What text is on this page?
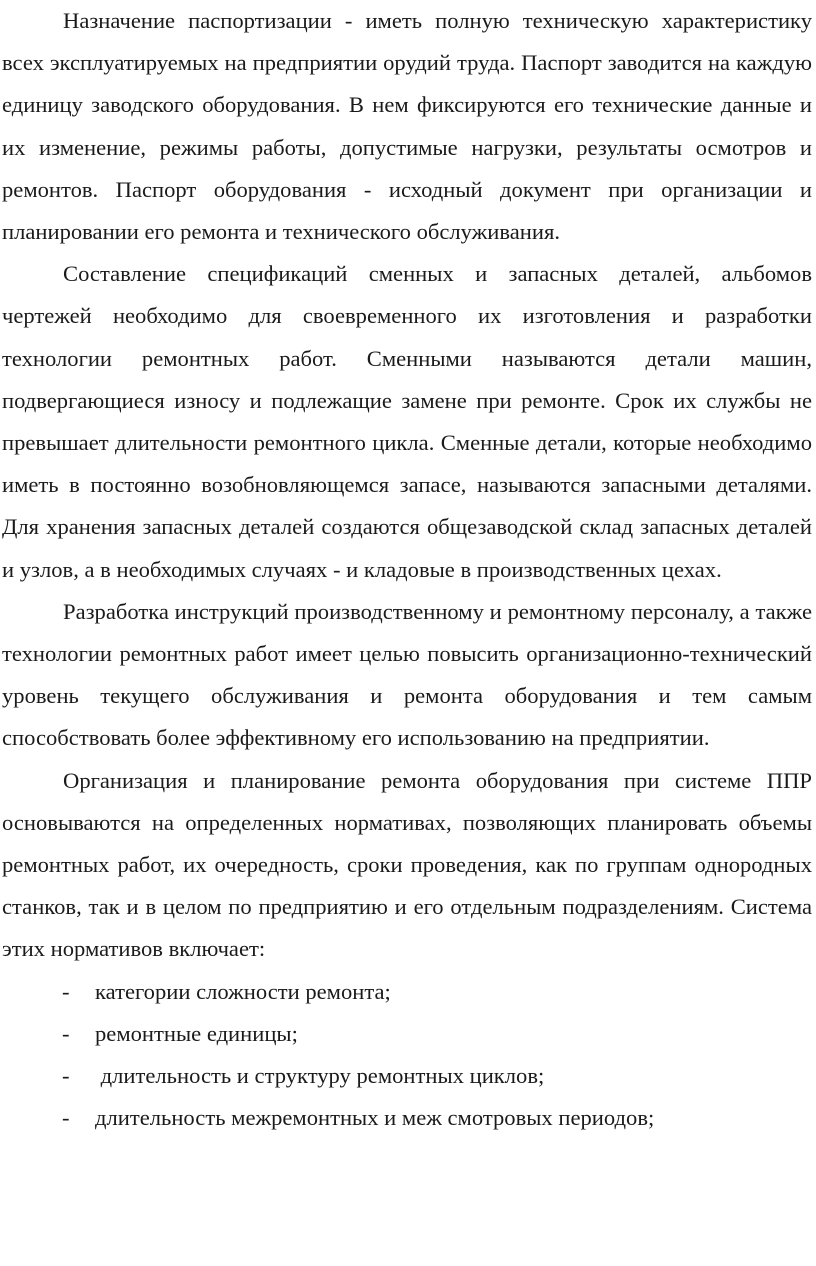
Назначение паспортизации - иметь полную техническую характеристику всех эксплуатируемых на предприятии орудий труда. Паспорт заводится на каждую единицу заводского оборудования. В нем фиксируются его технические данные и их изменение, режимы работы, допустимые нагрузки, результаты осмотров и ремонтов. Паспорт оборудования - исходный документ при организации и планировании его ремонта и технического обслуживания.

Составление спецификаций сменных и запасных деталей, альбомов чертежей необходимо для своевременного их изготовления и разработки технологии ремонтных работ. Сменными называются детали машин, подвергающиеся износу и подлежащие замене при ремонте. Срок их службы не превышает длительности ремонтного цикла. Сменные детали, которые необходимо иметь в постоянно возобновляющемся запасе, называются запасными деталями. Для хранения запасных деталей создаются общезаводской склад запасных деталей и узлов, а в необходимых случаях - и кладовые в производственных цехах.

Разработка инструкций производственному и ремонтному персоналу, а также технологии ремонтных работ имеет целью повысить организационно-технический уровень текущего обслуживания и ремонта оборудования и тем самым способствовать более эффективному его использованию на предприятии.

Организация и планирование ремонта оборудования при системе ППР основываются на определенных нормативах, позволяющих планировать объемы ремонтных работ, их очередность, сроки проведения, как по группам однородных станков, так и в целом по предприятию и его отдельным подразделениям. Система этих нормативов включает:

-	категории сложности ремонта;
-	ремонтные единицы;
-	длительность и структуру ремонтных циклов;
-	длительность межремонтных и меж смотровых периодов;
